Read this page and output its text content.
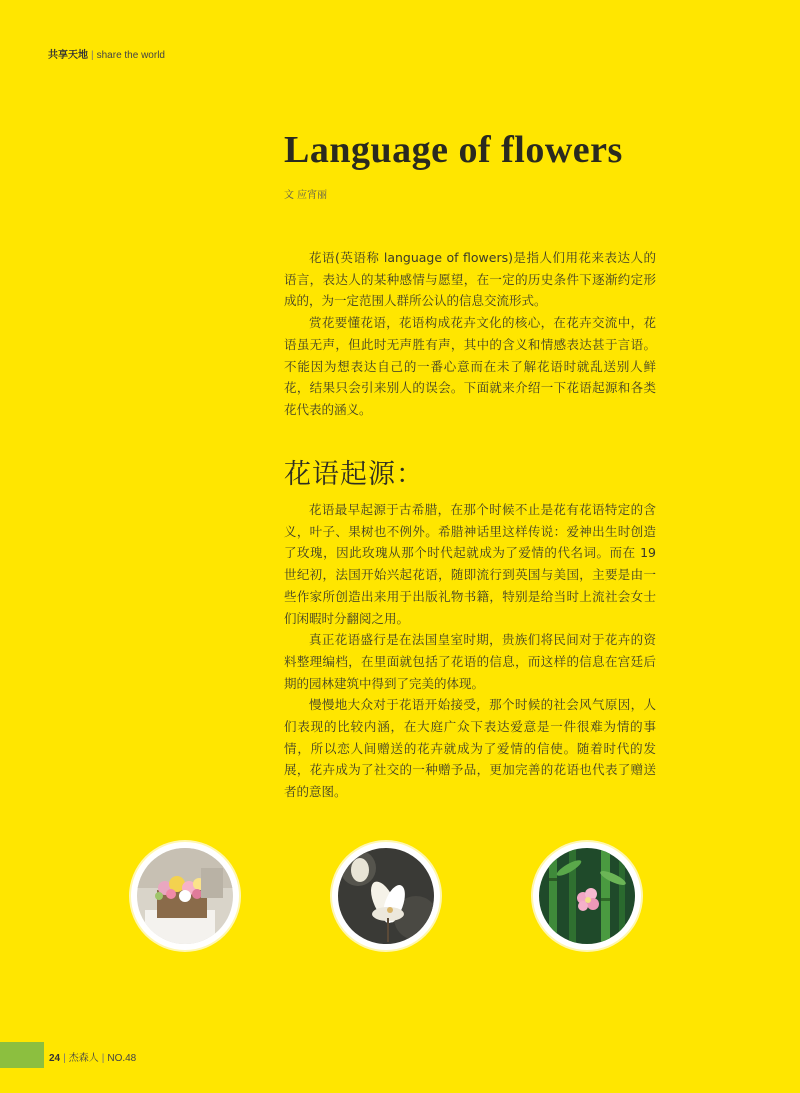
共享天地 | share the world
Language of flowers
文 应宵丽

花语(英语称 language of flowers)是指人们用花来表达人的语言，表达人的某种感情与愿望，在一定的历史条件下逐渐约定形成的，为一定范围人群所公认的信息交流形式。

赏花要懂花语，花语构成花卉文化的核心，在花卉交流中，花语虽无声，但此时无声胜有声，其中的含义和情感表达甚于言语。不能因为想表达自己的一番心意而在未了解花语时就乱送别人鲜花，结果只会引来别人的误会。下面就来介绍一下花语起源和各类花代表的涵义。

花语起源：

花语最早起源于古希腊，在那个时候不止是花有花语特定的含义，叶子、果树也不例外。希腊神话里这样传说：爱神出生时创造了玫瑰，因此玫瑰从那个时代起就成为了爱情的代名词。而在 19 世纪初，法国开始兴起花语，随即流行到英国与美国，主要是由一些作家所创造出来用于出版礼物书籍，特别是给当时上流社会女士们闲暇时分翻阅之用。

真正花语盛行是在法国皇室时期，贵族们将民间对于花卉的资料整理编档，在里面就包括了花语的信息，而这样的信息在宫廷后期的园林建筑中得到了完美的体现。

慢慢地大众对于花语开始接受，那个时候的社会风气原因，人们表现的比较内涵，在大庭广众下表达爱意是一件很难为情的事情，所以恋人间赠送的花卉就成为了爱情的信使。随着时代的发展，花卉成为了社交的一种赠予品，更加完善的花语也代表了赠送者的意图。

24 | 杰森人 | NO.48
